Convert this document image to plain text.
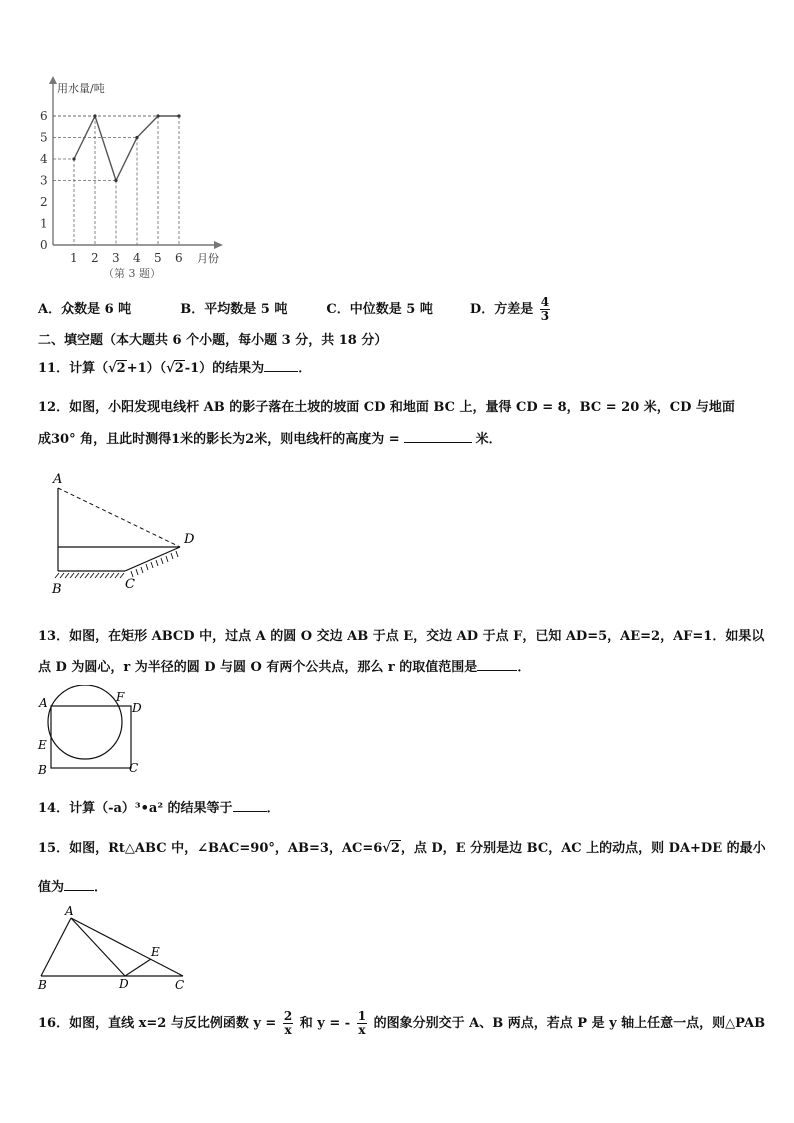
0
1
2
3
4
5
6
1 2 3 4 5 6
用水量/吨
月份
（第 3 题）
A．众数是 6 吨	B．平均数是 5 吨	C．中位数是 5 吨	D．方差是 $\frac{4}{3}$
二、填空题（本大题共 6 个小题，每小题 3 分，共 18 分）
11．计算（√2+1）（√2-1）的结果为	．
12．如图，小阳发现电线杆 AB 的影子落在土坡的坡面 CD 和地面 BC 上，量得 CD = 8，BC = 20 米，CD 与地面
成30° 角，且此时测得1米的影长为2米，则电线杆的高度为 =	米．
A
B	C
D
13．如图，在矩形 ABCD 中，过点 A 的圆 O 交边 AB 于点 E，交边 AD 于点 F，已知 AD=5，AE=2，AF=1．如果以
点 D 为圆心，r 为半径的圆 D 与圆 O 有两个公共点，那么 r 的取值范围是	．
A	F
D
E
B	C
14．计算（-a）³•a² 的结果等于	．
15．如图，Rt△ABC 中，∠BAC=90°，AB=3，AC=6√2，点 D，E 分别是边 BC，AC 上的动点，则 DA+DE 的最小
值为 ．
A
E
B	D	C
16．如图，直线 x=2 与反比例函数 $y = \frac{2}{x}$ 和 y = - $\frac{1}{x}$ 的图象分别交于 A、B 两点，若点 P 是 y 轴上任意一点，则△PAB
